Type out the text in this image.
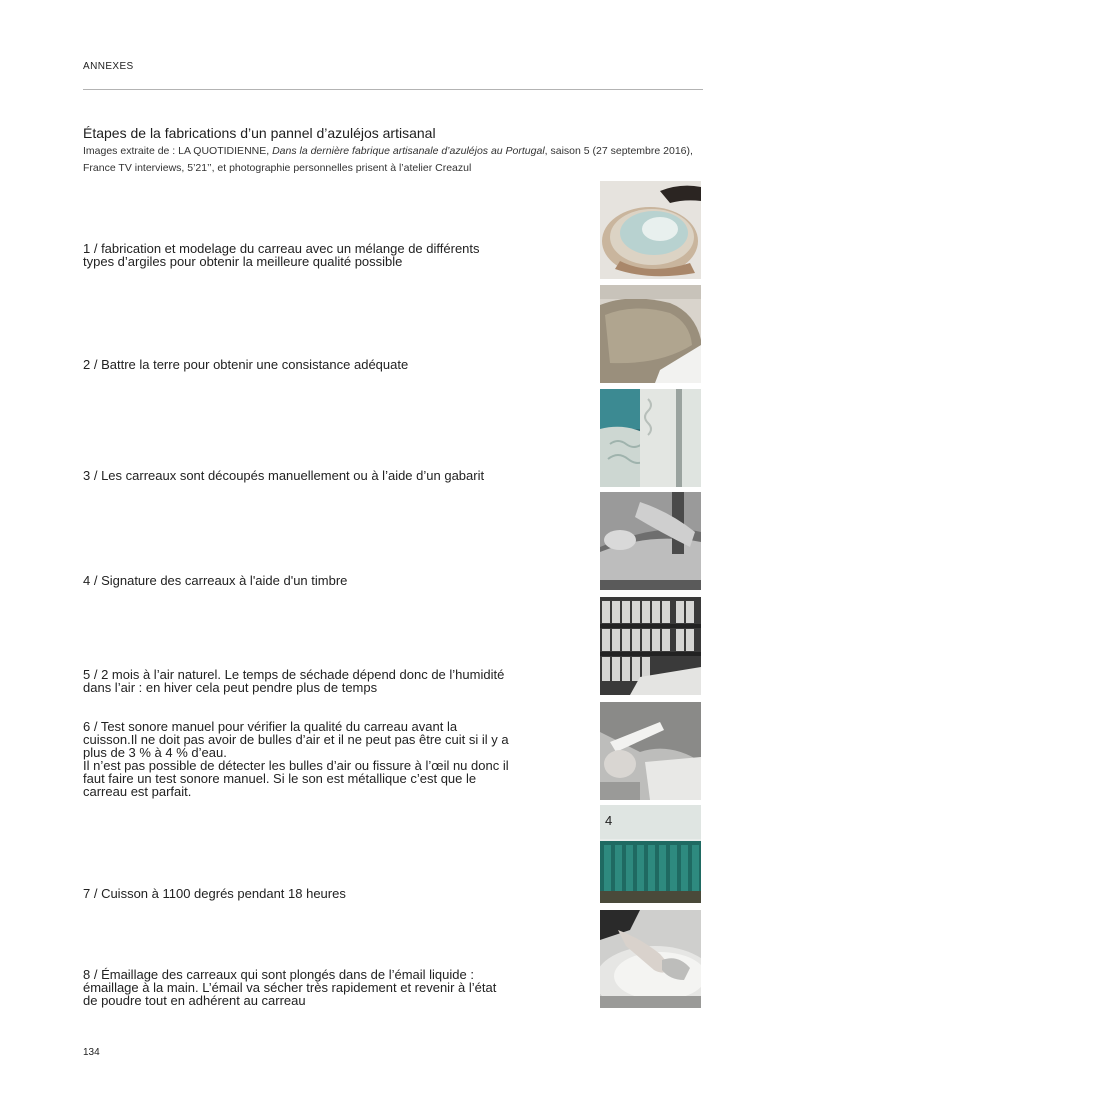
ANNEXES
Étapes de la fabrications d’un pannel d’azuléjos artisanal
Images extraite de : LA QUOTIDIENNE, Dans la dernière fabrique artisanale d’azuléjos au Portugal, saison 5 (27 septembre 2016), France TV interviews, 5’21’’, et photographie personnelles prisent à l’atelier Creazul
1 / fabrication et modelage du carreau avec un mélange de différents types d’argiles pour obtenir la meilleure qualité possible
2 / Battre la terre pour obtenir une consistance adéquate
3 / Les carreaux sont découpés manuellement ou à l’aide d’un gabarit
4 / Signature des carreaux à l'aide d'un timbre
5 / 2 mois à l’air naturel. Le temps de séchade dépend donc de l’humidité dans l’air : en hiver cela peut pendre plus de temps
6 / Test sonore manuel pour vérifier la qualité du carreau avant la cuisson.Il ne doit pas avoir de bulles d’air et il ne peut pas être cuit si il y a plus de 3 % à 4 % d’eau.
Il n’est pas possible de détecter les bulles d’air ou fissure à l’œil nu donc il faut faire un test sonore manuel. Si le son est métallique c’est que le carreau est parfait.
7 / Cuisson à 1100 degrés pendant 18 heures
8 / Émaillage des carreaux qui sont plongés dans de l’émail liquide : émaillage à la main. L’émail va sécher très rapidement et revenir à l’état de poudre tout en adhérent au carreau
4
134
